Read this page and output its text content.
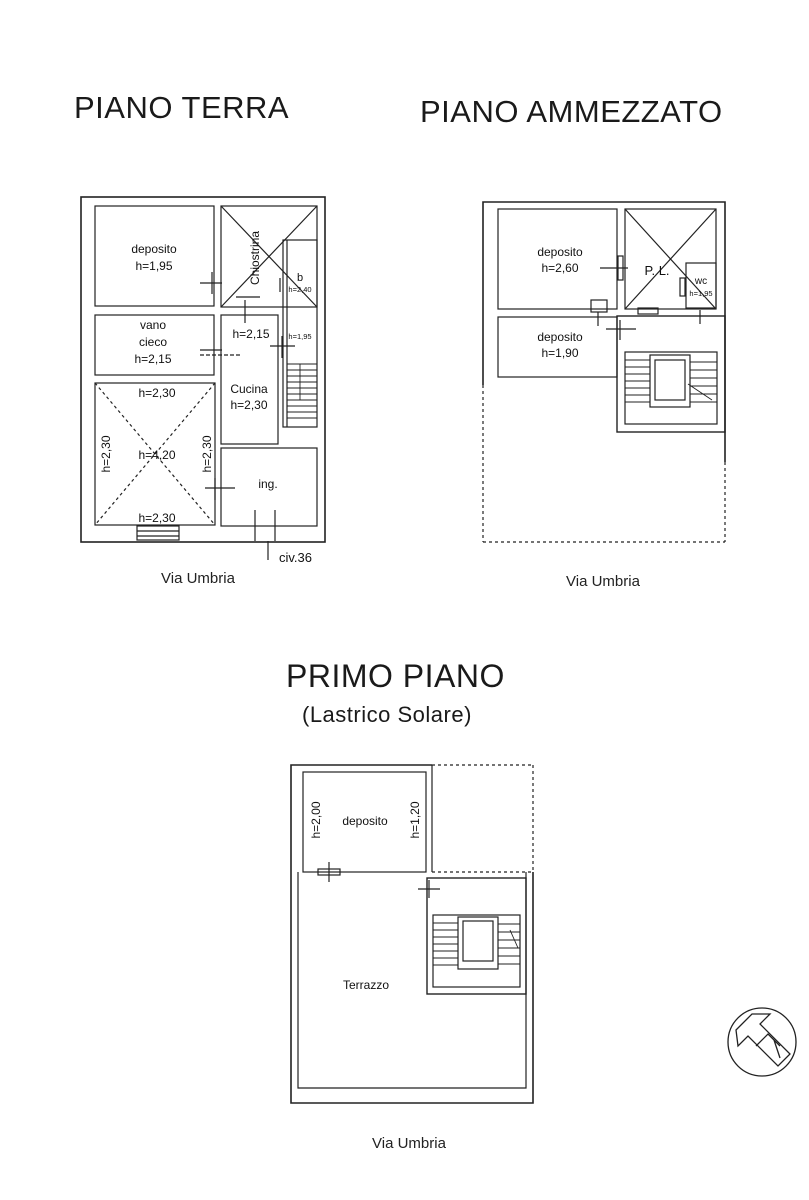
PIANO TERRA	PIANO AMMEZZATO
PRIMO PIANO
(Lastrico Solare)
Via Umbria	Via Umbria
Via Umbria
deposito
h=1,95	Chiostrina	b
h=2,40
vano
cieco
h=2,15
h=2,15	h=1,95
Cucina
h=2,30
h=2,30
h=4,20
h=2,30	h=2,30
h=2,30
ing.
civ.36
deposito
h=2,60	P. L.
wc
h=1,95
deposito
h=1,90
deposito
h=2,00	h=1,20
Terrazzo
